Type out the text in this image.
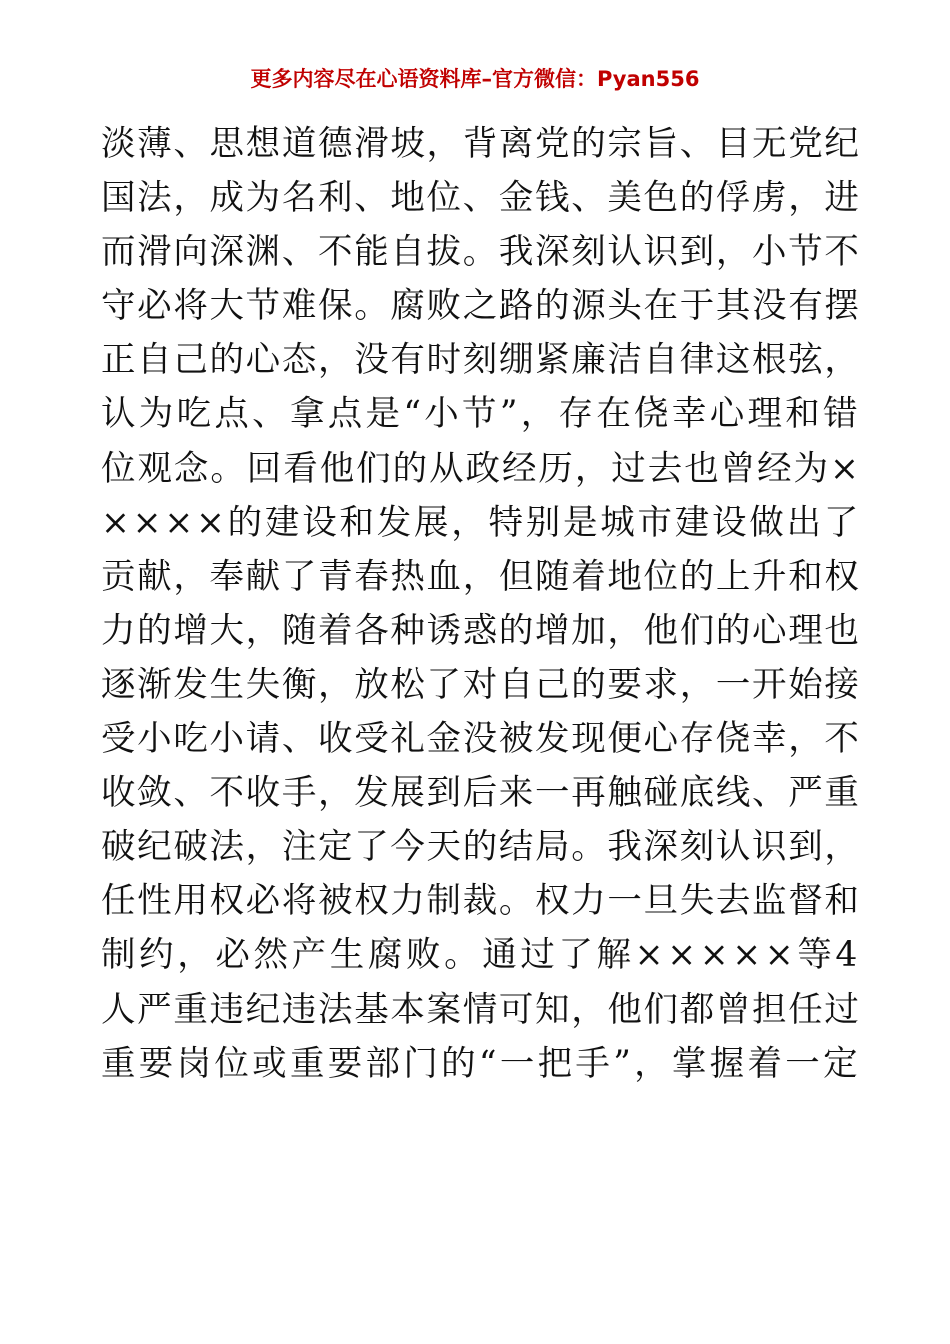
更多内容尽在心语资料库–官方微信：Pyan556
淡薄、思想道德滑坡，背离党的宗旨、目无党纪
国法，成为名利、地位、金钱、美色的俘虏，进
而滑向深渊、不能自拔。我深刻认识到，小节不
守必将大节难保。腐败之路的源头在于其没有摆
正自己的心态，没有时刻绷紧廉洁自律这根弦，
认为吃点、拿点是“小节”，存在侥幸心理和错
位观念。回看他们的从政经历，过去也曾经为×
××××的建设和发展，特别是城市建设做出了
贡献，奉献了青春热血，但随着地位的上升和权
力的增大，随着各种诱惑的增加，他们的心理也
逐渐发生失衡，放松了对自己的要求，一开始接
受小吃小请、收受礼金没被发现便心存侥幸，不
收敛、不收手，发展到后来一再触碰底线、严重
破纪破法，注定了今天的结局。我深刻认识到，
任性用权必将被权力制裁。权力一旦失去监督和
制约，必然产生腐败。通过了解×××××等4
人严重违纪违法基本案情可知，他们都曾担任过
重要岗位或重要部门的“一把手”，掌握着一定
